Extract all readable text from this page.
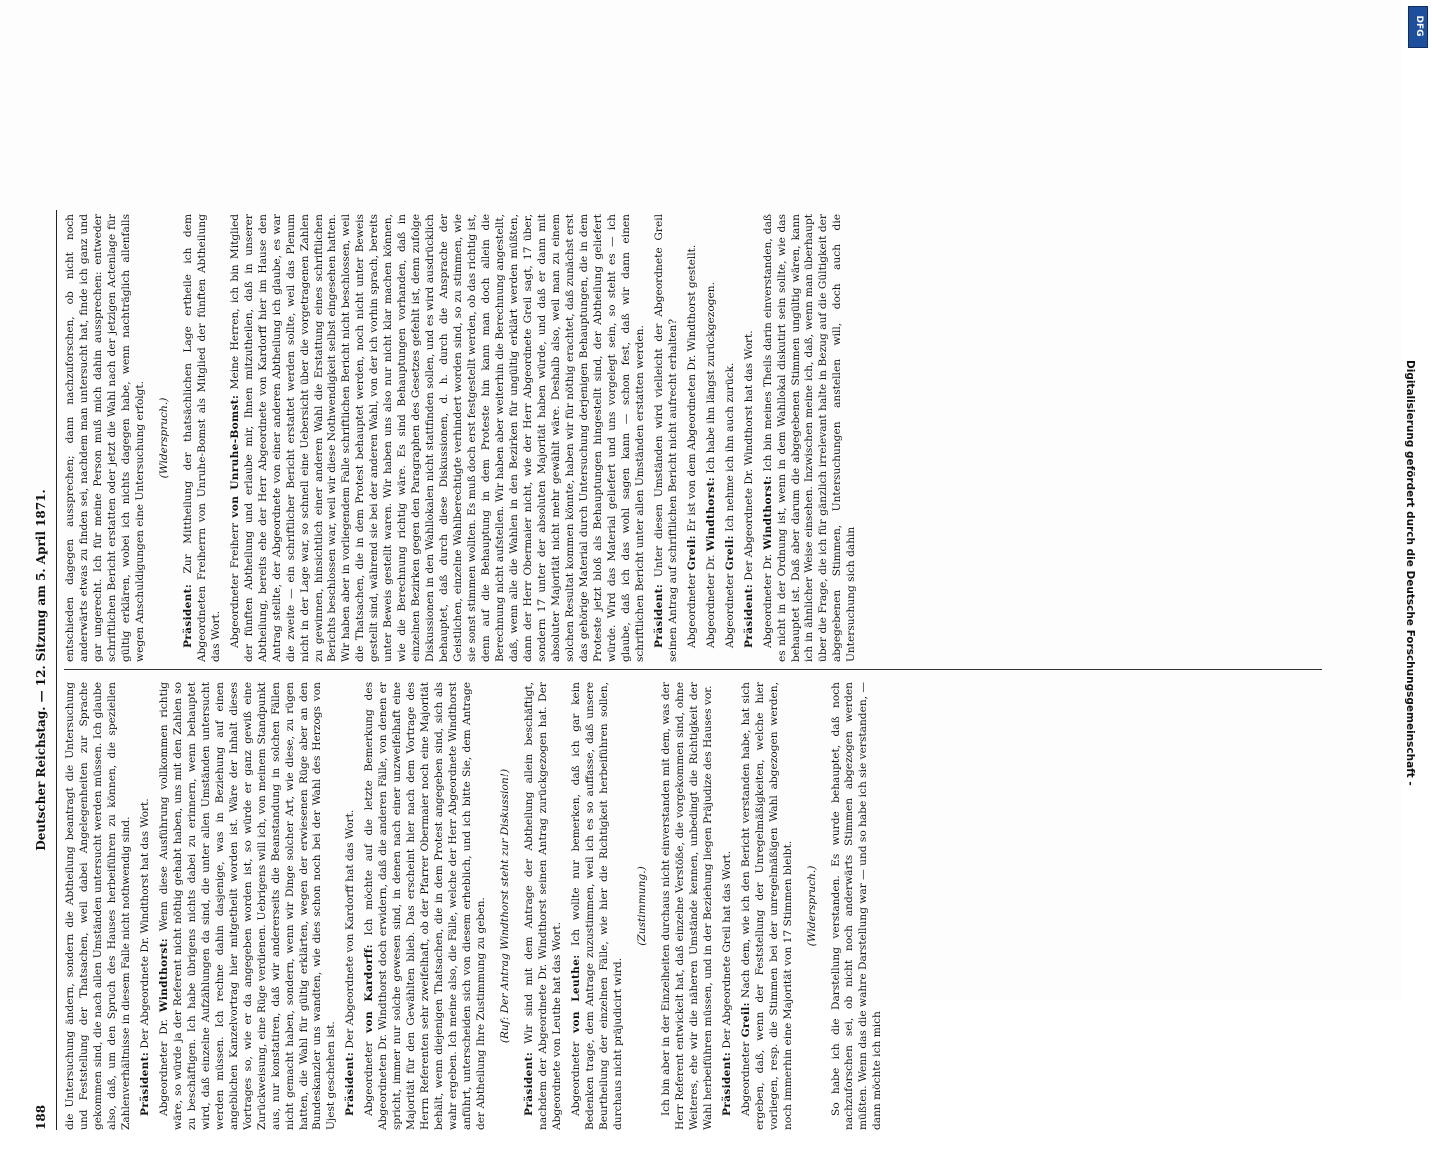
188
Deutscher Reichstag. — 12. Sitzung am 5. April 1871.

die Untersuchung ändern, sondern die Abtheilung beantragt die Untersuchung und Feststellung der Thatsachen, weil dabei Angelegenheiten zur Sprache gekommen sind, die nach allen Umständen untersucht werden müssen. Ich glaube also, daß, um den Spruch des Hauses herbeiführen zu können, die speziellen Zahlenverhältnisse in diesem Falle nicht nothwendig sind. Präsident: Der Abgeordnete Dr. Windthorst hat das Wort.

Abgeordneter Dr. Windthorst: Wenn diese Ausführung vollkommen richtig wäre, so würde ja der Referent nicht nöthig gehabt haben, uns mit den Zahlen so zu beschäftigen. Ich habe übrigens nichts dabei zu erinnern, wenn behauptet wird, daß einzelne Aufzählungen da sind, die unter allen Umständen untersucht werden müssen. Ich rechne dahin dasjenige, was in Beziehung auf einen angeblichen Kanzelvortrag hier mitgetheilt worden ist. Wäre der Inhalt dieses Vortrages so, wie er da angegeben worden ist, so würde er ganz gewiß eine Zurückweisung, eine Rüge verdienen. Uebrigens will ich, von meinem Standpunkt aus, nur konstatiren, daß wir andererseits die Beanstandung in solchen Fällen nicht gemacht haben, sondern, wenn wir Dinge solcher Art, wie diese, zu rügen hatten, die Wahl für gültig erklärten, wegen der erwiesenen Rüge aber an den Bundeskanzler uns wandten, wie dies schon noch bei der Wahl des Herzogs von Ujest geschehen ist. Präsident: Der Abgeordnete von Kardorff hat das Wort.

Abgeordneter von Kardorff: Ich möchte auf die letzte Bemerkung des Abgeordneten Dr. Windthorst doch erwidern, daß die anderen Fälle, von denen er spricht, immer nur solche gewesen sind, in denen nach einer unzweifelhaft eine Majorität für den Gewählten blieb. Das erscheint hier nach dem Vortrage des Herrn Referenten sehr zweifelhaft, ob der Pfarrer Obermaier noch eine Majorität behält, wenn diejenigen Thatsachen, die in dem Protest angegeben sind, sich als wahr ergeben. Ich meine also, die Fälle, welche der Herr Abgeordnete Windthorst anführt, unterscheiden sich von diesem erheblich, und ich bitte Sie, dem Antrage der Abtheilung Ihre Zustimmung zu geben. (Ruf: Der Antrag Windthorst steht zur Diskussion!)

Präsident: Wir sind mit dem Antrage der Abtheilung allein beschäftigt, nachdem der Abgeordnete Dr. Windthorst seinen Antrag zurückgezogen hat. Der Abgeordnete von Leuthe hat das Wort. Abgeordneter von Leuthe: Ich wollte nur bemerken, daß ich gar kein Bedenken trage, dem Antrage zuzustimmen, weil ich es so auffasse, daß unsere Beurtheilung der einzelnen Fälle, wie hier die Richtigkeit herbeiführen sollen, durchaus nicht präjudicirt wird.

(Zustimmung.) Ich bin aber in der Einzelheiten durchaus nicht einverstanden mit dem, was der Herr Referent entwickelt hat, daß einzelne Verstöße, die vorgekommen sind, ohne Weiteres, ehe wir die näheren Umstände kennen, unbedingt die Richtigkeit der Wahl herbeiführen müssen, und in der Beziehung liegen Präjudize des Hauses vor. Präsident: Der Abgeordnete Greil hat das Wort.

Abgeordneter Greil: Nach dem, wie ich den Bericht verstanden habe, hat sich ergeben, daß, wenn der Feststellung der Unregelmäßigkeiten, welche hier vorliegen, resp. die Stimmen bei der unregelmäßigen Wahl abgezogen werden, noch immerhin eine Majorität von 17 Stimmen bleibt. (Widerspruch.) So habe ich die Darstellung verstanden. Es wurde behauptet, daß noch nachzuforschen sei, ob nicht noch anderwärts Stimmen abgezogen werden müßten. Wenn das die wahre Darstellung war — und so habe ich sie verstanden, — dann möchte ich mich

entschieden dagegen aussprechen; dann nachzuforschen, ob nicht noch anderwärts etwas zu finden sei, nachdem man untersucht hat, finde ich ganz und gar ungerecht. Ich für meine Person muß mich dahin aussprechen: entweder schriftlichen Bericht erstatten oder jetzt die Wahl nach der jetzigen Actenlage für gültig erklären, wobei ich nichts dagegen habe, wenn nachträglich allenfalls wegen Anschuldigungen eine Untersuchung erfolgt. (Widerspruch.)

Präsident: Zur Mittheilung der thatsächlichen Lage ertheile ich dem Abgeordneten Freiherrn von Unruhe-Bomst als Mitglied der fünften Abtheilung das Wort. Abgeordneter Freiherr von Unruhe-Bomst: Meine Herren, ich bin Mitglied der fünften Abtheilung und erlaube mir, Ihnen mitzutheilen, daß in unserer Abtheilung, bereits ehe der Herr Abgeordnete von Kardorff hier im Hause den Antrag stellte, der Abgeordnete von einer anderen Abtheilung ich glaube, es war die zweite — ein schriftlicher Bericht erstattet werden sollte, weil das Plenum nicht in der Lage war, so schnell eine Uebersicht über die vorgetragenen Zahlen zu gewinnen, hinsichtlich einer anderen Wahl die Erstattung eines schriftlichen Berichts beschlossen war, weil wir diese Nothwendigkeit selbst eingesehen hatten. Wir haben aber in vorliegendem Falle schriftlichen Bericht nicht beschlossen, weil die Thatsachen, die in dem Protest behauptet werden, noch nicht unter Beweis gestellt sind, während sie bei der anderen Wahl, von der ich vorhin sprach, bereits unter Beweis gestellt waren. Wir haben uns also nur nicht klar machen können, wie die Berechnung richtig wäre. Es sind Behauptungen vorhanden, daß in einzelnen Bezirken gegen den Paragraphen des Gesetzes gefehlt ist, denn zufolge Diskussionen in den Wahllokalen nicht stattfinden sollen, und es wird ausdrücklich behauptet, daß durch diese Diskussionen, d. h. durch die Ansprache der Geistlichen, einzelne Wahlberechtigte verhindert worden sind, so zu stimmen, wie sie sonst stimmen wollten. Es muß doch erst festgestellt werden, ob das richtig ist, denn auf die Behauptung in dem Proteste hin kann man doch allein die Berechnung nicht aufstellen. Wir haben aber weiterhin die Berechnung angestellt, daß, wenn alle die Wahlen in den Bezirken für ungültig erklärt werden müßten, dann der Herr Obermaier nicht, wie der Herr Abgeordnete Greil sagt, 17 über, sondern 17 unter der absoluten Majorität haben würde, und daß er dann mit absoluter Majorität nicht mehr gewählt wäre. Deshalb also, weil man zu einem solchen Resultat kommen könnte, haben wir für nöthig erachtet, daß zunächst erst das gehörige Material durch Untersuchung derjenigen Behauptungen, die in dem Proteste jetzt bloß als Behauptungen hingestellt sind, der Abtheilung geliefert würde. Wird das Material geliefert und uns vorgelegt sein, so steht es — ich glaube, daß ich das wohl sagen kann — schon fest, daß wir dann einen schriftlichen Bericht unter allen Umständen erstatten werden. Präsident: Unter diesen Umständen wird vielleicht der Abgeordnete Greil seinen Antrag auf schriftlichen Bericht nicht aufrecht erhalten? Abgeordneter Greil: Er ist von dem Abgeordneten Dr. Windthorst gestellt.

Abgeordneter Dr. Windthorst: Ich habe ihn längst zurückgezogen.

Abgeordneter Greil: Ich nehme ich ihn auch zurück.

Präsident: Der Abgeordnete Dr. Windthorst hat das Wort.

Abgeordneter Dr. Windthorst: Ich bin meines Theils darin einverstanden, daß es nicht in der Ordnung ist, wenn in dem Wahllokal diskutirt sein sollte, wie das behauptet ist. Daß aber darum die abgegebenen Stimmen ungültig wären, kann ich in ähnlicher Weise einsehen. Inzwischen meine ich, daß, wenn man überhaupt über die Frage, die ich für gänzlich irrelevant halte in Bezug auf die Gültigkeit der abgegebenen Stimmen, Untersuchungen anstellen will, doch auch die Untersuchung sich dahin

DFG
Digitalisierung gefördert durch die Deutsche Forschungsgemeinschaft -
